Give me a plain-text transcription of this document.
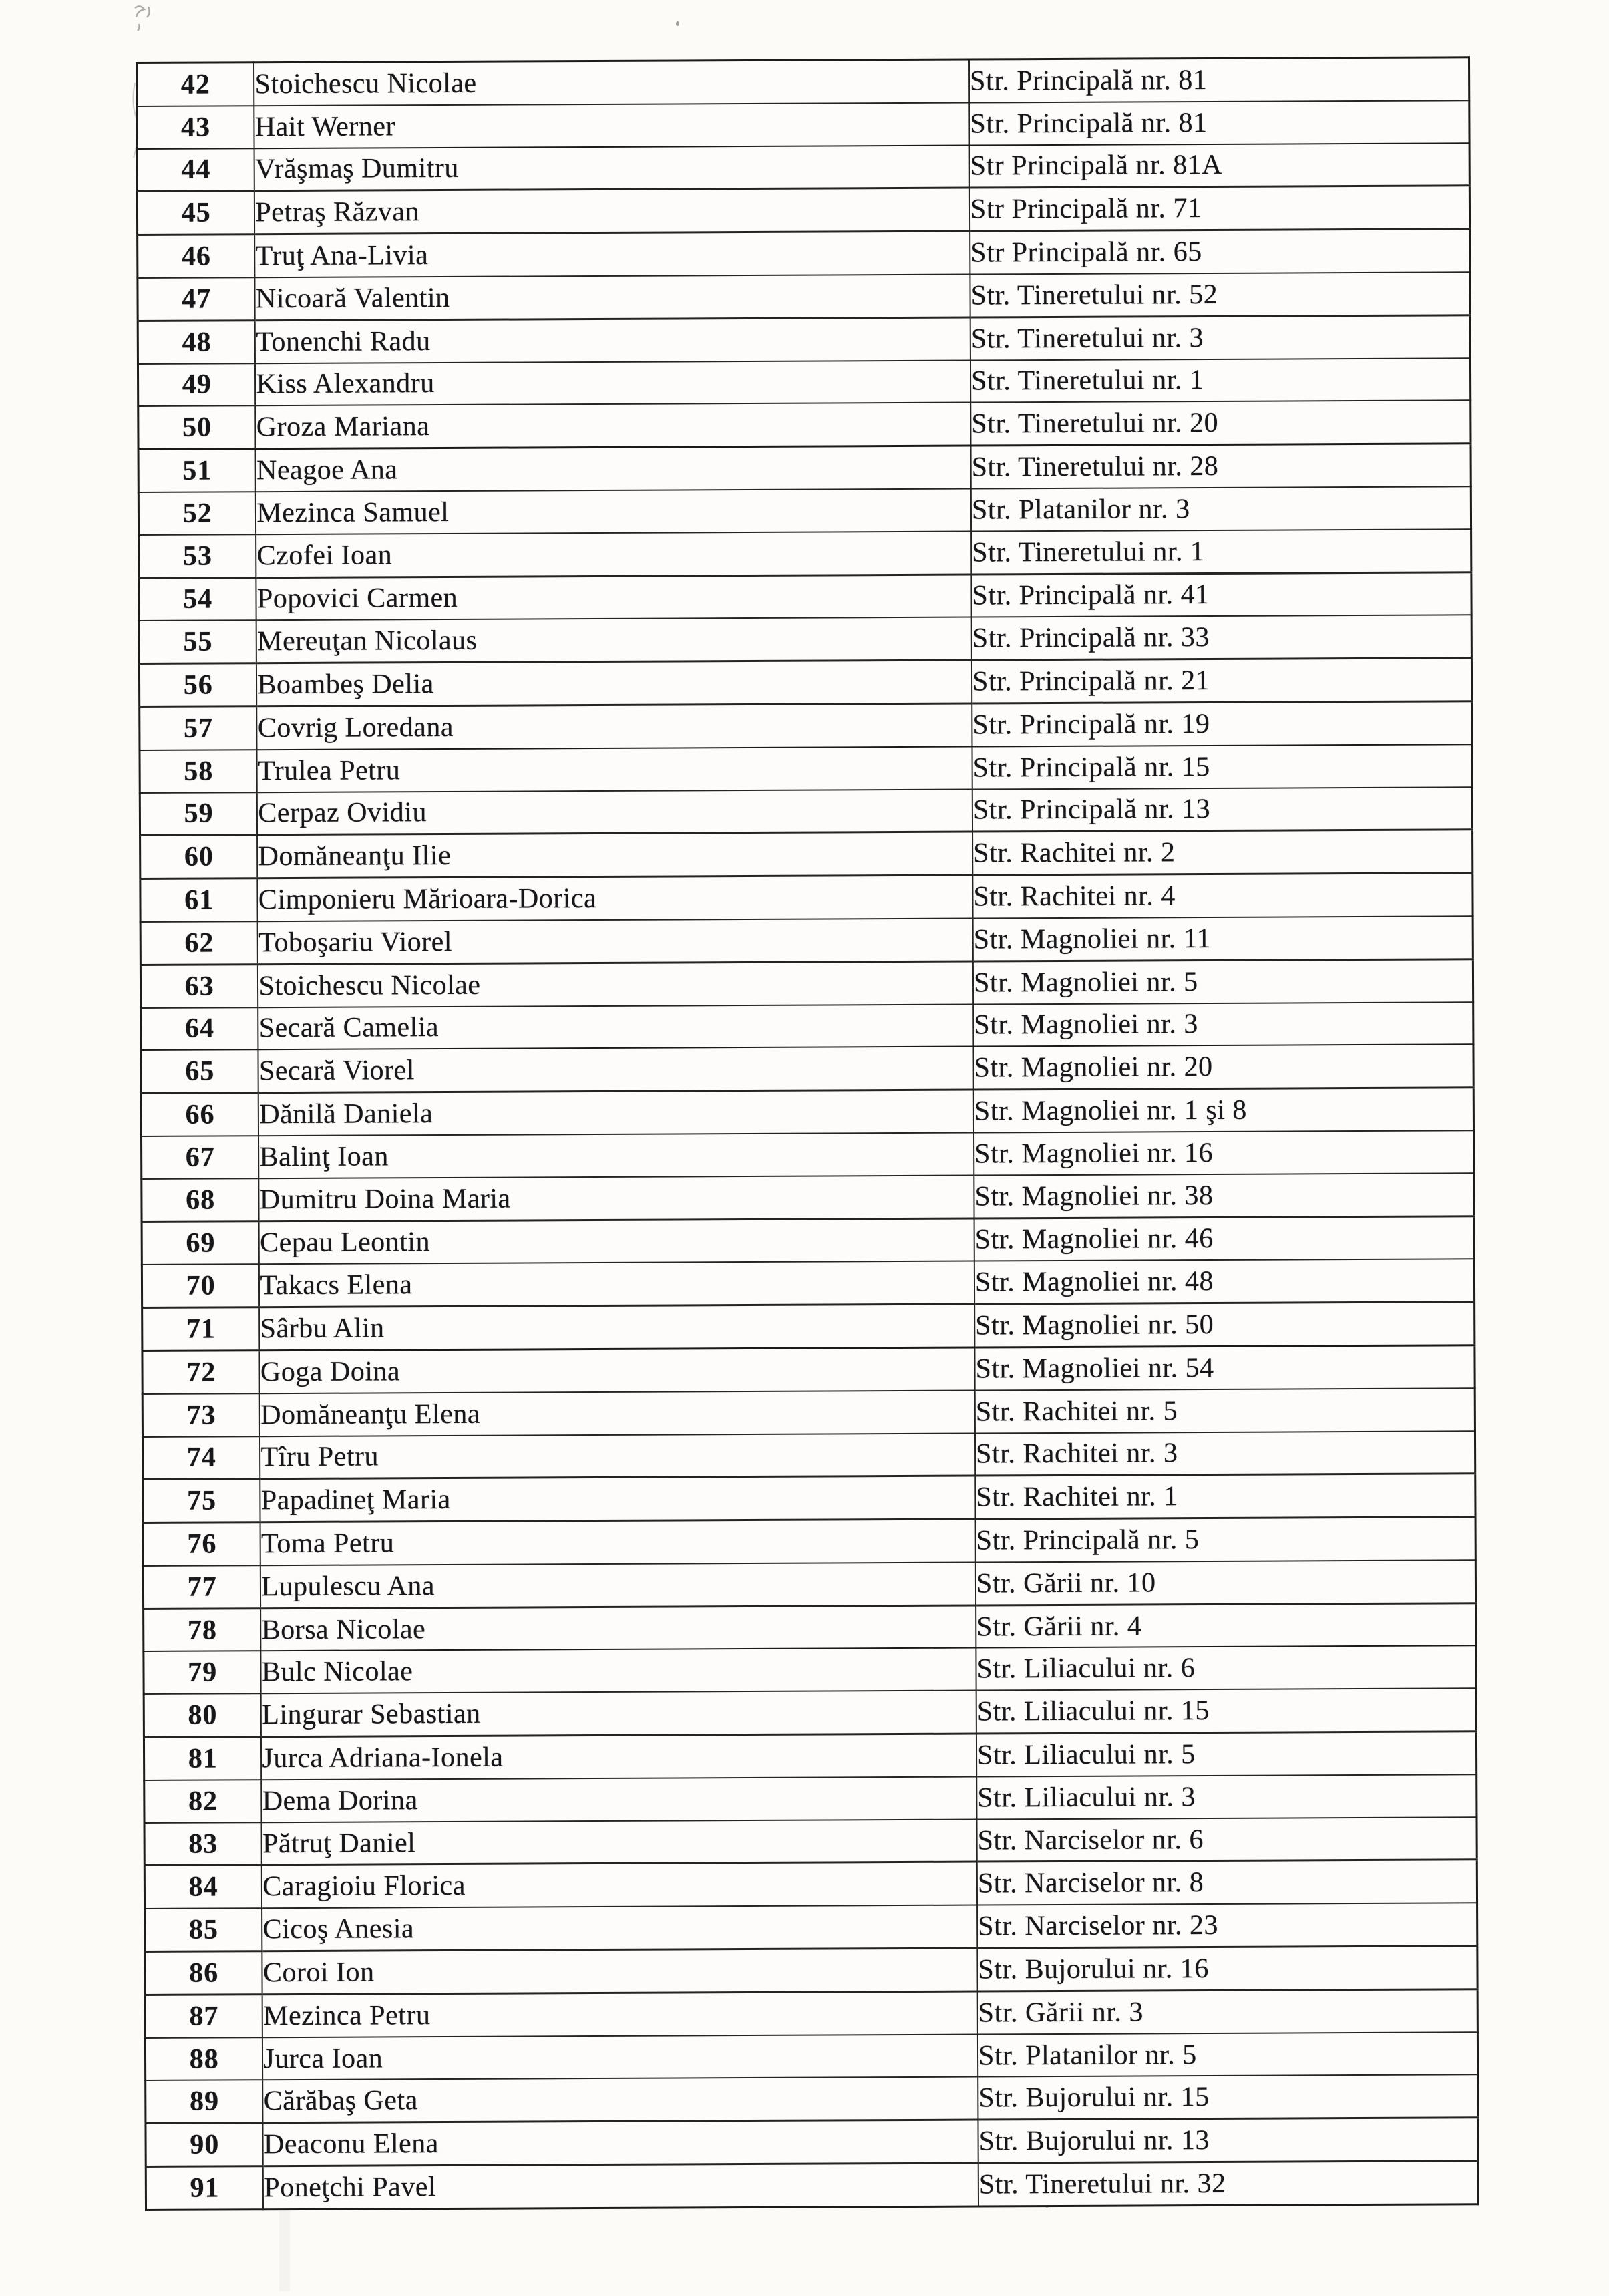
42	Stoichescu Nicolae	Str. Principală nr. 81
43	Hait Werner	Str. Principală nr. 81
44	Vrăşmaş Dumitru	Str Principală nr. 81A
45	Petraş Răzvan	Str Principală nr. 71
46	Truţ Ana-Livia	Str Principală nr. 65
47	Nicoară Valentin	Str. Tineretului nr. 52
48	Tonenchi Radu	Str. Tineretului nr. 3
49	Kiss Alexandru	Str. Tineretului nr. 1
50	Groza Mariana	Str. Tineretului nr. 20
51	Neagoe Ana	Str. Tineretului nr. 28
52	Mezinca Samuel	Str. Platanilor nr. 3
53	Czofei Ioan	Str. Tineretului nr. 1
54	Popovici Carmen	Str. Principală nr. 41
55	Mereuţan Nicolaus	Str. Principală nr. 33
56	Boambeş Delia	Str. Principală nr. 21
57	Covrig Loredana	Str. Principală nr. 19
58	Trulea Petru	Str. Principală nr. 15
59	Cerpaz Ovidiu	Str. Principală nr. 13
60	Domăneanţu Ilie	Str. Rachitei nr. 2
61	Cimponieru Mărioara-Dorica	Str. Rachitei nr. 4
62	Toboşariu Viorel	Str. Magnoliei nr. 11
63	Stoichescu Nicolae	Str. Magnoliei nr. 5
64	Secară Camelia	Str. Magnoliei nr. 3
65	Secară Viorel	Str. Magnoliei nr. 20
66	Dănilă Daniela	Str. Magnoliei nr. 1 şi 8
67	Balinţ Ioan	Str. Magnoliei nr. 16
68	Dumitru Doina Maria	Str. Magnoliei nr. 38
69	Cepau Leontin	Str. Magnoliei nr. 46
70	Takacs Elena	Str. Magnoliei nr. 48
71	Sârbu Alin	Str. Magnoliei nr. 50
72	Goga Doina	Str. Magnoliei nr. 54
73	Domăneanţu Elena	Str. Rachitei nr. 5
74	Tîru Petru	Str. Rachitei nr. 3
75	Papadineţ Maria	Str. Rachitei nr. 1
76	Toma Petru	Str. Principală nr. 5
77	Lupulescu Ana	Str. Gării nr. 10
78	Borsa Nicolae	Str. Gării nr. 4
79	Bulc Nicolae	Str. Liliacului nr. 6
80	Lingurar Sebastian	Str. Liliacului nr. 15
81	Jurca Adriana-Ionela	Str. Liliacului nr. 5
82	Dema Dorina	Str. Liliacului nr. 3
83	Pătruţ Daniel	Str. Narciselor nr. 6
84	Caragioiu Florica	Str. Narciselor nr. 8
85	Cicoş Anesia	Str. Narciselor nr. 23
86	Coroi Ion	Str. Bujorului nr. 16
87	Mezinca Petru	Str. Gării nr. 3
88	Jurca Ioan	Str. Platanilor nr. 5
89	Cărăbaş Geta	Str. Bujorului nr. 15
90	Deaconu Elena	Str. Bujorului nr. 13
91	Poneţchi Pavel	Str. Tineretului nr. 32
